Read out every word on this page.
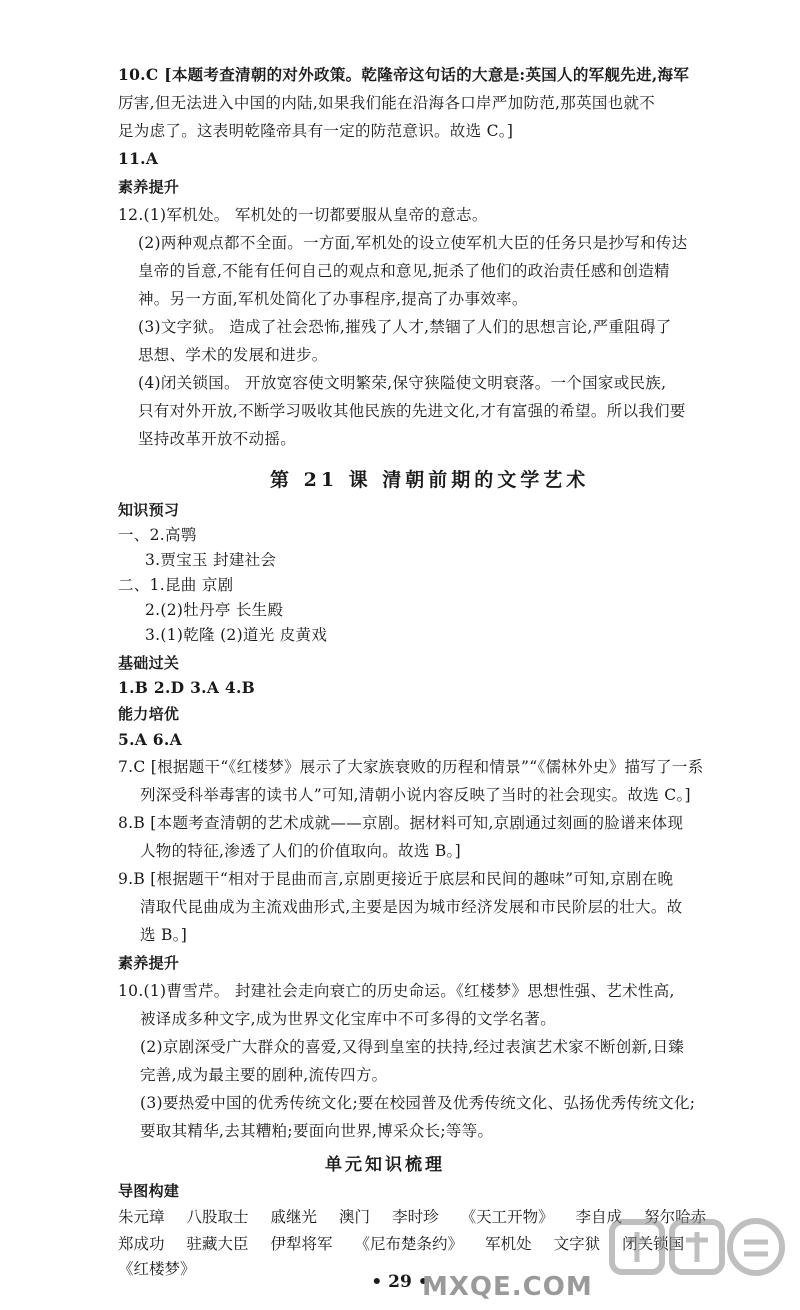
10.C [本题考查清朝的对外政策。乾隆帝这句话的大意是:英国人的军舰先进,海军
厉害,但无法进入中国的内陆,如果我们能在沿海各口岸严加防范,那英国也就不
足为虑了。这表明乾隆帝具有一定的防范意识。故选 C。]
11.A
素养提升
12.(1)军机处。 军机处的一切都要服从皇帝的意志。
(2)两种观点都不全面。一方面,军机处的设立使军机大臣的任务只是抄写和传达
皇帝的旨意,不能有任何自己的观点和意见,扼杀了他们的政治责任感和创造精
神。另一方面,军机处简化了办事程序,提高了办事效率。
(3)文字狱。 造成了社会恐怖,摧残了人才,禁锢了人们的思想言论,严重阻碍了
思想、学术的发展和进步。
(4)闭关锁国。 开放宽容使文明繁荣,保守狭隘使文明衰落。一个国家或民族,
只有对外开放,不断学习吸收其他民族的先进文化,才有富强的希望。所以我们要
坚持改革开放不动摇。
第 21 课 清朝前期的文学艺术
知识预习
一、2.高鹗
3.贾宝玉 封建社会
二、1.昆曲 京剧
2.(2)牡丹亭 长生殿
3.(1)乾隆 (2)道光 皮黄戏
基础过关
1.B 2.D 3.A 4.B
能力培优
5.A 6.A
7.C [根据题干“《红楼梦》展示了大家族衰败的历程和情景”“《儒林外史》描写了一系
列深受科举毒害的读书人”可知,清朝小说内容反映了当时的社会现实。故选 C。]
8.B [本题考查清朝的艺术成就——京剧。据材料可知,京剧通过刻画的脸谱来体现
人物的特征,渗透了人们的价值取向。故选 B。]
9.B [根据题干“相对于昆曲而言,京剧更接近于底层和民间的趣味”可知,京剧在晚
清取代昆曲成为主流戏曲形式,主要是因为城市经济发展和市民阶层的壮大。故
选 B。]
素养提升
10.(1)曹雪芹。 封建社会走向衰亡的历史命运。《红楼梦》思想性强、艺术性高,
被译成多种文字,成为世界文化宝库中不可多得的文学名著。
(2)京剧深受广大群众的喜爱,又得到皇室的扶持,经过表演艺术家不断创新,日臻
完善,成为最主要的剧种,流传四方。
(3)要热爱中国的优秀传统文化;要在校园普及优秀传统文化、弘扬优秀传统文化;
要取其精华,去其糟粕;要面向世界,博采众长;等等。
单元知识梳理
导图构建
朱元璋 八股取士 戚继光 澳门 李时珍 《天工开物》 李自成 努尔哈赤
郑成功 驻藏大臣 伊犁将军 《尼布楚条约》 军机处 文字狱 闭关锁国
《红楼梦》
• 29 •
MXQE.COM
